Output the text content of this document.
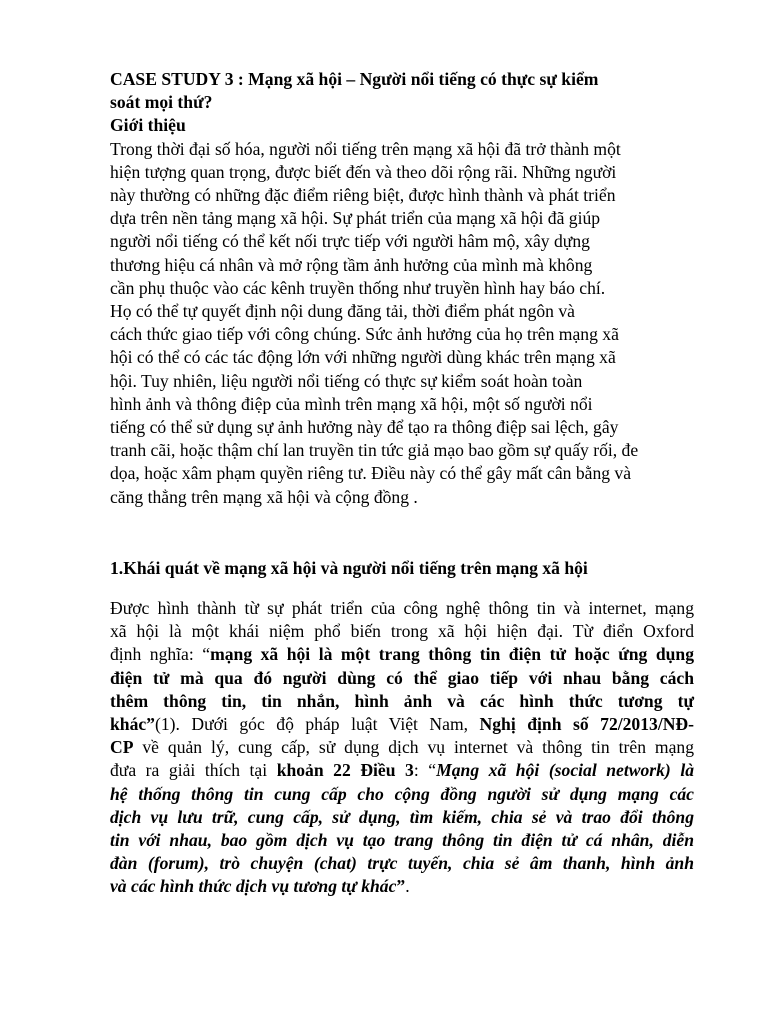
CASE STUDY 3 : Mạng xã hội – Người nổi tiếng có thực sự kiểm
soát mọi thứ?
Giới thiệu
Trong thời đại số hóa, người nổi tiếng trên mạng xã hội đã trở thành một
hiện tượng quan trọng, được biết đến và theo dõi rộng rãi. Những người
này thường có những đặc điểm riêng biệt, được hình thành và phát triển
dựa trên nền tảng mạng xã hội. Sự phát triển của mạng xã hội đã giúp
người nổi tiếng có thể kết nối trực tiếp với người hâm mộ, xây dựng
thương hiệu cá nhân và mở rộng tầm ảnh hưởng của mình mà không
cần phụ thuộc vào các kênh truyền thống như truyền hình hay báo chí.
Họ có thể tự quyết định nội dung đăng tải, thời điểm phát ngôn và
cách thức giao tiếp với công chúng. Sức ảnh hưởng của họ trên mạng xã
hội có thể có các tác động lớn với những người dùng khác trên mạng xã
hội. Tuy nhiên, liệu người nổi tiếng có thực sự kiểm soát hoàn toàn
hình ảnh và thông điệp của mình trên mạng xã hội, một số người nổi
tiếng có thể sử dụng sự ảnh hưởng này để tạo ra thông điệp sai lệch, gây
tranh cãi, hoặc thậm chí lan truyền tin tức giả mạo bao gồm sự quấy rối, đe
dọa, hoặc xâm phạm quyền riêng tư. Điều này có thể gây mất cân bằng và
căng thẳng trên mạng xã hội và cộng đồng .
1.Khái quát về mạng xã hội và người nổi tiếng trên mạng xã hội
Được hình thành từ sự phát triển của công nghệ thông tin và internet, mạng
xã hội là một khái niệm phổ biến trong xã hội hiện đại. Từ điển Oxford
định nghĩa: “mạng xã hội là một trang thông tin điện tử hoặc ứng dụng
điện tử mà qua đó người dùng có thể giao tiếp với nhau bằng cách
thêm thông tin, tin nhắn, hình ảnh và các hình thức tương tự
khác”(1). Dưới góc độ pháp luật Việt Nam, Nghị định số 72/2013/NĐ-
CP về quản lý, cung cấp, sử dụng dịch vụ internet và thông tin trên mạng
đưa ra giải thích tại khoản 22 Điều 3: “Mạng xã hội (social network) là
hệ thống thông tin cung cấp cho cộng đồng người sử dụng mạng các
dịch vụ lưu trữ, cung cấp, sử dụng, tìm kiếm, chia sẻ và trao đổi thông
tin với nhau, bao gồm dịch vụ tạo trang thông tin điện tử cá nhân, diễn
đàn (forum), trò chuyện (chat) trực tuyến, chia sẻ âm thanh, hình ảnh
và các hình thức dịch vụ tương tự khác”.
